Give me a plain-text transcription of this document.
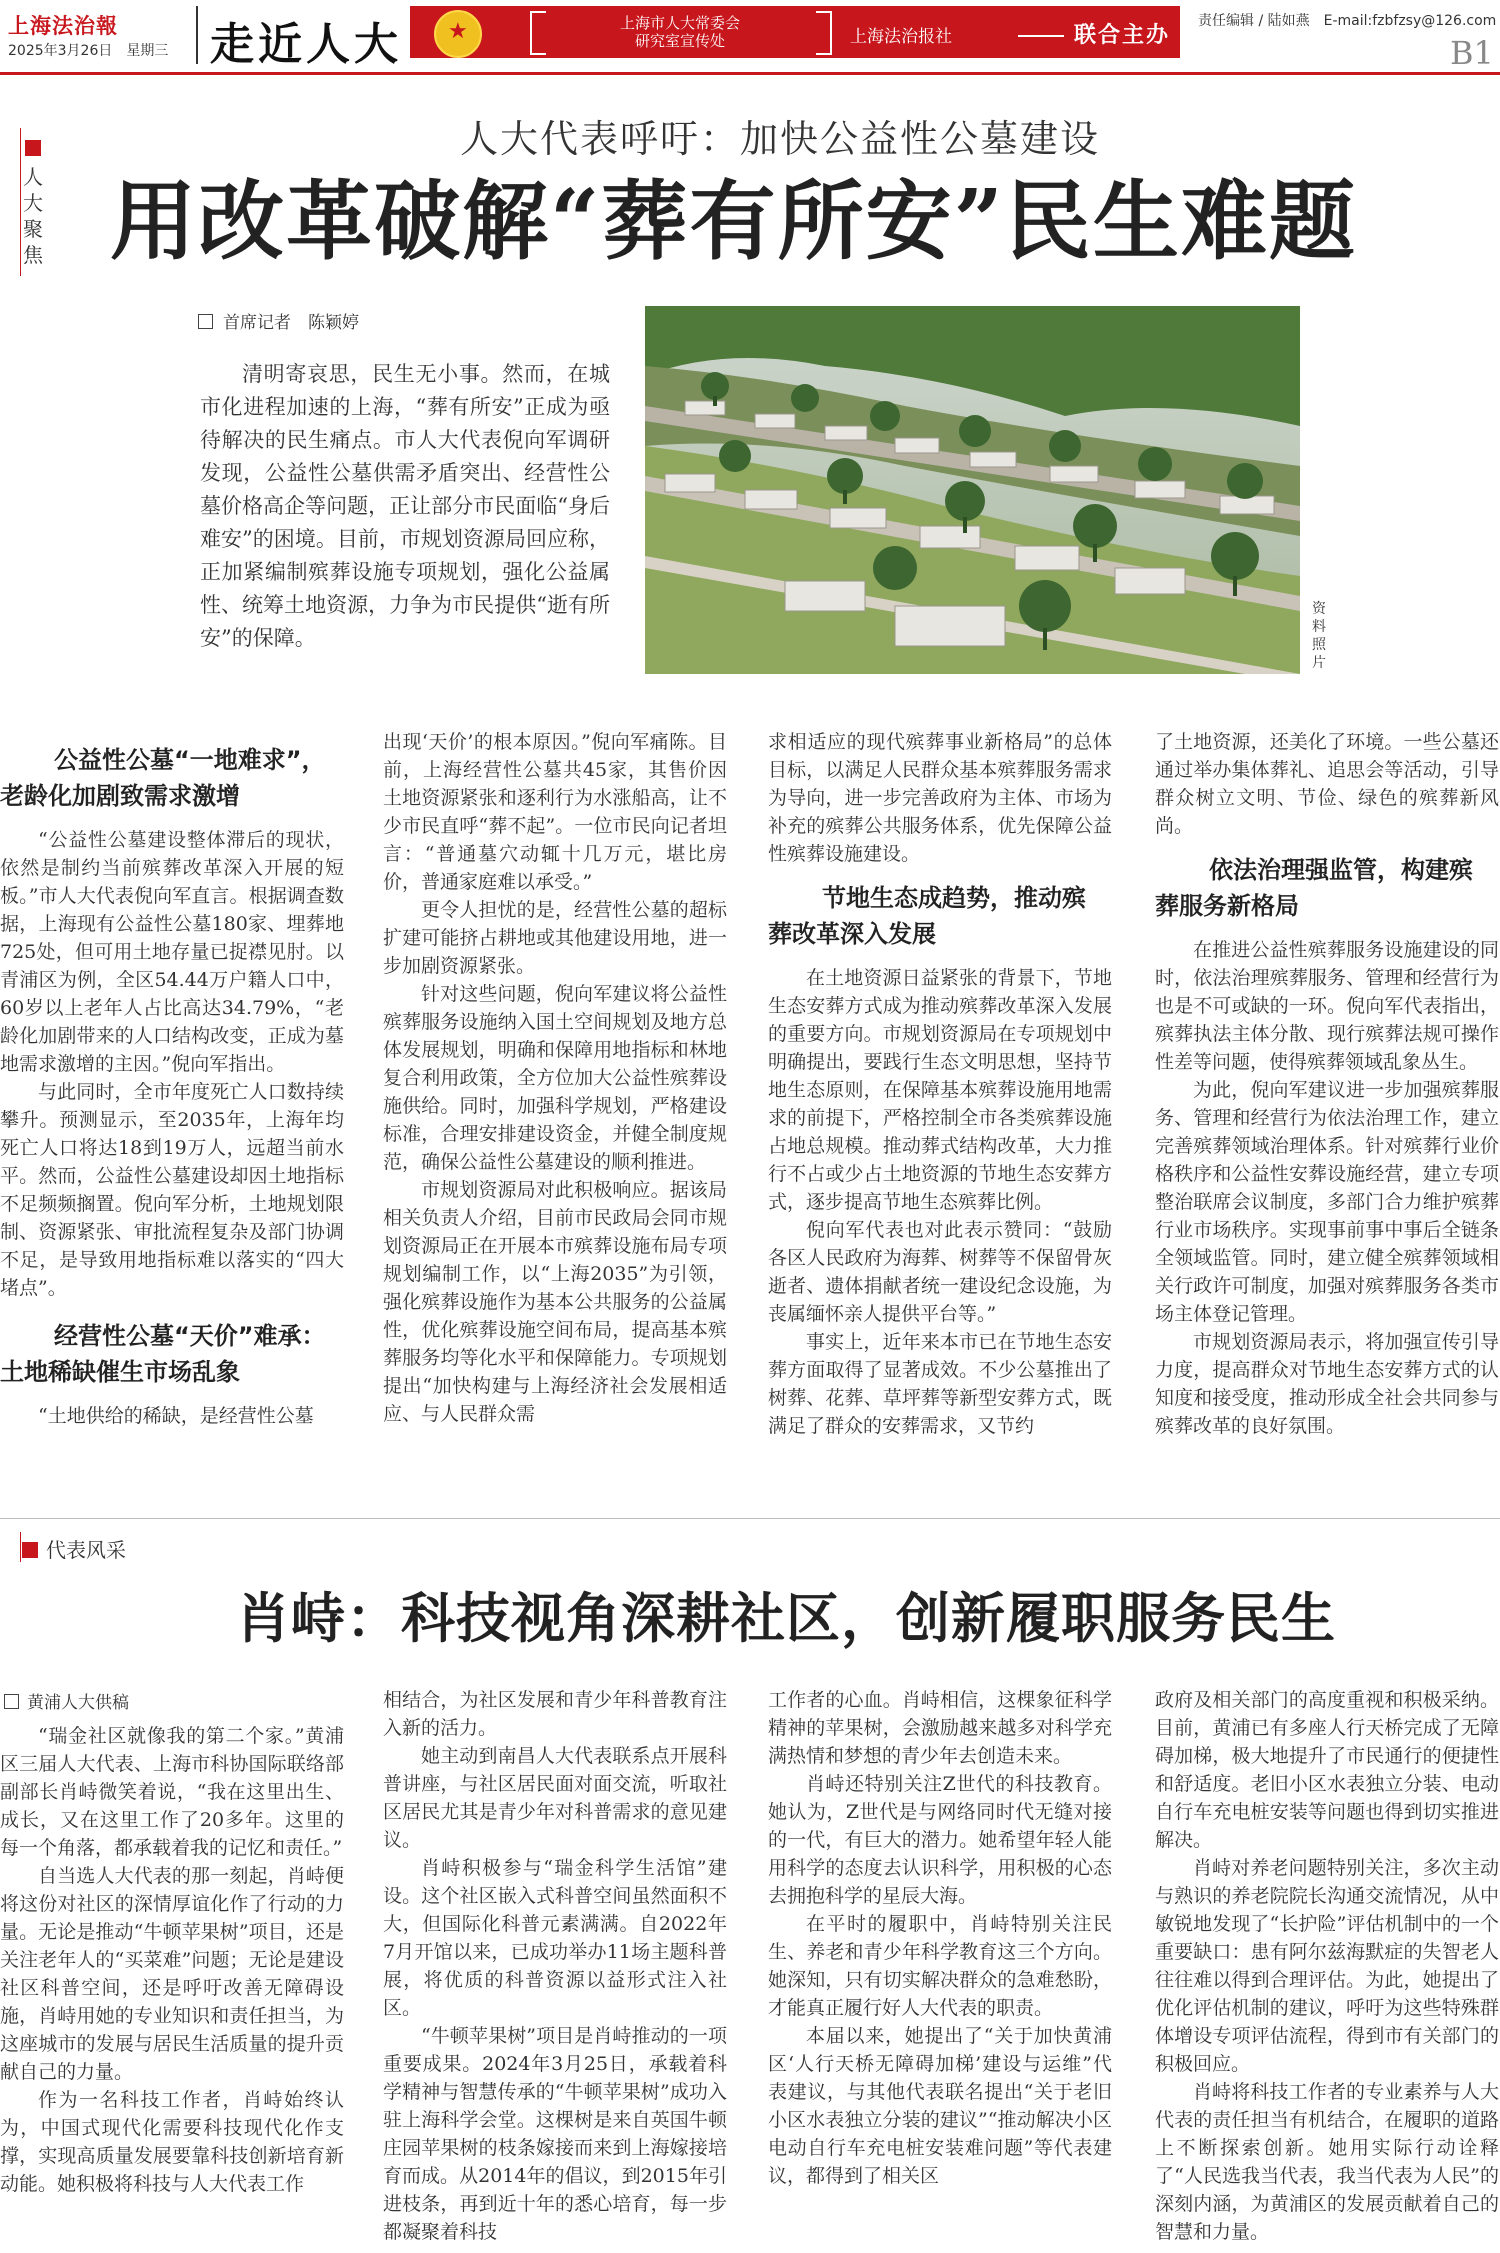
上海法治報
2025年3月26日　星期三 走近人大
★	上海市人大常委会
研究室宣传处	上海法治报社	联合主办
责任编辑 / 陆如燕　E-mail:fzbfzsy@126.com
B1
人大聚焦
人大代表呼吁：加快公益性公墓建设
用改革破解“葬有所安”民生难题
首席记者　陈颖婷
清明寄哀思，民生无小事。然而，在城市化进程加速的上海，“葬有所安”正成为亟待解决的民生痛点。市人大代表倪向军调研发现，公益性公墓供需矛盾突出、经营性公墓价格高企等问题，正让部分市民面临“身后难安”的困境。目前，市规划资源局回应称，正加紧编制殡葬设施专项规划，强化公益属性、统筹土地资源，力争为市民提供“逝有所安”的保障。
资料照片
公益性公墓“一地难求”，
老龄化加剧致需求激增

“公益性公墓建设整体滞后的现状，依然是制约当前殡葬改革深入开展的短板。”市人大代表倪向军直言。根据调查数据，上海现有公益性公墓180家、埋葬地725处，但可用土地存量已捉襟见肘。以青浦区为例，全区54.44万户籍人口中，60岁以上老年人占比高达34.79%，“老龄化加剧带来的人口结构改变，正成为墓地需求激增的主因。”倪向军指出。

与此同时，全市年度死亡人口数持续攀升。预测显示，至2035年，上海年均死亡人口将达18到19万人，远超当前水平。然而，公益性公墓建设却因土地指标不足频频搁置。倪向军分析，土地规划限制、资源紧张、审批流程复杂及部门协调不足，是导致用地指标难以落实的“四大堵点”。

经营性公墓“天价”难承：
土地稀缺催生市场乱象

“土地供给的稀缺，是经营性公墓

出现‘天价’的根本原因。”倪向军痛陈。目前，上海经营性公墓共45家，其售价因土地资源紧张和逐利行为水涨船高，让不少市民直呼“葬不起”。一位市民向记者坦言：“普通墓穴动辄十几万元，堪比房价，普通家庭难以承受。”

更令人担忧的是，经营性公墓的超标扩建可能挤占耕地或其他建设用地，进一步加剧资源紧张。

针对这些问题，倪向军建议将公益性殡葬服务设施纳入国土空间规划及地方总体发展规划，明确和保障用地指标和林地复合利用政策，全方位加大公益性殡葬设施供给。同时，加强科学规划，严格建设标准，合理安排建设资金，并健全制度规范，确保公益性公墓建设的顺利推进。

市规划资源局对此积极响应。据该局相关负责人介绍，目前市民政局会同市规划资源局正在开展本市殡葬设施布局专项规划编制工作，以“上海2035”为引领，强化殡葬设施作为基本公共服务的公益属性，优化殡葬设施空间布局，提高基本殡葬服务均等化水平和保障能力。专项规划提出“加快构建与上海经济社会发展相适应、与人民群众需

求相适应的现代殡葬事业新格局”的总体目标，以满足人民群众基本殡葬服务需求为导向，进一步完善政府为主体、市场为补充的殡葬公共服务体系，优先保障公益性殡葬设施建设。

节地生态成趋势，推动殡
葬改革深入发展

在土地资源日益紧张的背景下，节地生态安葬方式成为推动殡葬改革深入发展的重要方向。市规划资源局在专项规划中明确提出，要践行生态文明思想，坚持节地生态原则，在保障基本殡葬设施用地需求的前提下，严格控制全市各类殡葬设施占地总规模。推动葬式结构改革，大力推行不占或少占土地资源的节地生态安葬方式，逐步提高节地生态殡葬比例。

倪向军代表也对此表示赞同：“鼓励各区人民政府为海葬、树葬等不保留骨灰逝者、遗体捐献者统一建设纪念设施，为丧属缅怀亲人提供平台等。”

事实上，近年来本市已在节地生态安葬方面取得了显著成效。不少公墓推出了树葬、花葬、草坪葬等新型安葬方式，既满足了群众的安葬需求，又节约

了土地资源，还美化了环境。一些公墓还通过举办集体葬礼、追思会等活动，引导群众树立文明、节俭、绿色的殡葬新风尚。

依法治理强监管，构建殡
葬服务新格局

在推进公益性殡葬服务设施建设的同时，依法治理殡葬服务、管理和经营行为也是不可或缺的一环。倪向军代表指出，殡葬执法主体分散、现行殡葬法规可操作性差等问题，使得殡葬领域乱象丛生。

为此，倪向军建议进一步加强殡葬服务、管理和经营行为依法治理工作，建立完善殡葬领域治理体系。针对殡葬行业价格秩序和公益性安葬设施经营，建立专项整治联席会议制度，多部门合力维护殡葬行业市场秩序。实现事前事中事后全链条全领域监管。同时，建立健全殡葬领域相关行政许可制度，加强对殡葬服务各类市场主体登记管理。

市规划资源局表示，将加强宣传引导力度，提高群众对节地生态安葬方式的认知度和接受度，推动形成全社会共同参与殡葬改革的良好氛围。

代表风采
肖峙：科技视角深耕社区，创新履职服务民生
黄浦人大供稿

“瑞金社区就像我的第二个家。”黄浦区三届人大代表、上海市科协国际联络部副部长肖峙微笑着说，“我在这里出生、成长，又在这里工作了20多年。这里的每一个角落，都承载着我的记忆和责任。”

自当选人大代表的那一刻起，肖峙便将这份对社区的深情厚谊化作了行动的力量。无论是推动“牛顿苹果树”项目，还是关注老年人的“买菜难”问题；无论是建设社区科普空间，还是呼吁改善无障碍设施，肖峙用她的专业知识和责任担当，为这座城市的发展与居民生活质量的提升贡献自己的力量。

作为一名科技工作者，肖峙始终认为，中国式现代化需要科技现代化作支撑，实现高质量发展要靠科技创新培育新动能。她积极将科技与人大代表工作

相结合，为社区发展和青少年科普教育注入新的活力。

她主动到南昌人大代表联系点开展科普讲座，与社区居民面对面交流，听取社区居民尤其是青少年对科普需求的意见建议。

肖峙积极参与“瑞金科学生活馆”建设。这个社区嵌入式科普空间虽然面积不大，但国际化科普元素满满。自2022年7月开馆以来，已成功举办11场主题科普展，将优质的科普资源以益形式注入社区。

“牛顿苹果树”项目是肖峙推动的一项重要成果。2024年3月25日，承载着科学精神与智慧传承的“牛顿苹果树”成功入驻上海科学会堂。这棵树是来自英国牛顿庄园苹果树的枝条嫁接而来到上海嫁接培育而成。从2014年的倡议，到2015年引进枝条，再到近十年的悉心培育，每一步都凝聚着科技

工作者的心血。肖峙相信，这棵象征科学精神的苹果树，会激励越来越多对科学充满热情和梦想的青少年去创造未来。

肖峙还特别关注Z世代的科技教育。她认为，Z世代是与网络同时代无缝对接的一代，有巨大的潜力。她希望年轻人能用科学的态度去认识科学，用积极的心态去拥抱科学的星辰大海。

在平时的履职中，肖峙特别关注民生、养老和青少年科学教育这三个方向。她深知，只有切实解决群众的急难愁盼，才能真正履行好人大代表的职责。

本届以来，她提出了“关于加快黄浦区‘人行天桥无障碍加梯’建设与运维”代表建议，与其他代表联名提出“关于老旧小区水表独立分装的建议”“推动解决小区电动自行车充电桩安装难问题”等代表建议，都得到了相关区

政府及相关部门的高度重视和积极采纳。目前，黄浦已有多座人行天桥完成了无障碍加梯，极大地提升了市民通行的便捷性和舒适度。老旧小区水表独立分装、电动自行车充电桩安装等问题也得到切实推进解决。

肖峙对养老问题特别关注，多次主动与熟识的养老院院长沟通交流情况，从中敏锐地发现了“长护险”评估机制中的一个重要缺口：患有阿尔兹海默症的失智老人往往难以得到合理评估。为此，她提出了优化评估机制的建议，呼吁为这些特殊群体增设专项评估流程，得到市有关部门的积极回应。

肖峙将科技工作者的专业素养与人大代表的责任担当有机结合，在履职的道路上不断探索创新。她用实际行动诠释了“人民选我当代表，我当代表为人民”的深刻内涵，为黄浦区的发展贡献着自己的智慧和力量。
